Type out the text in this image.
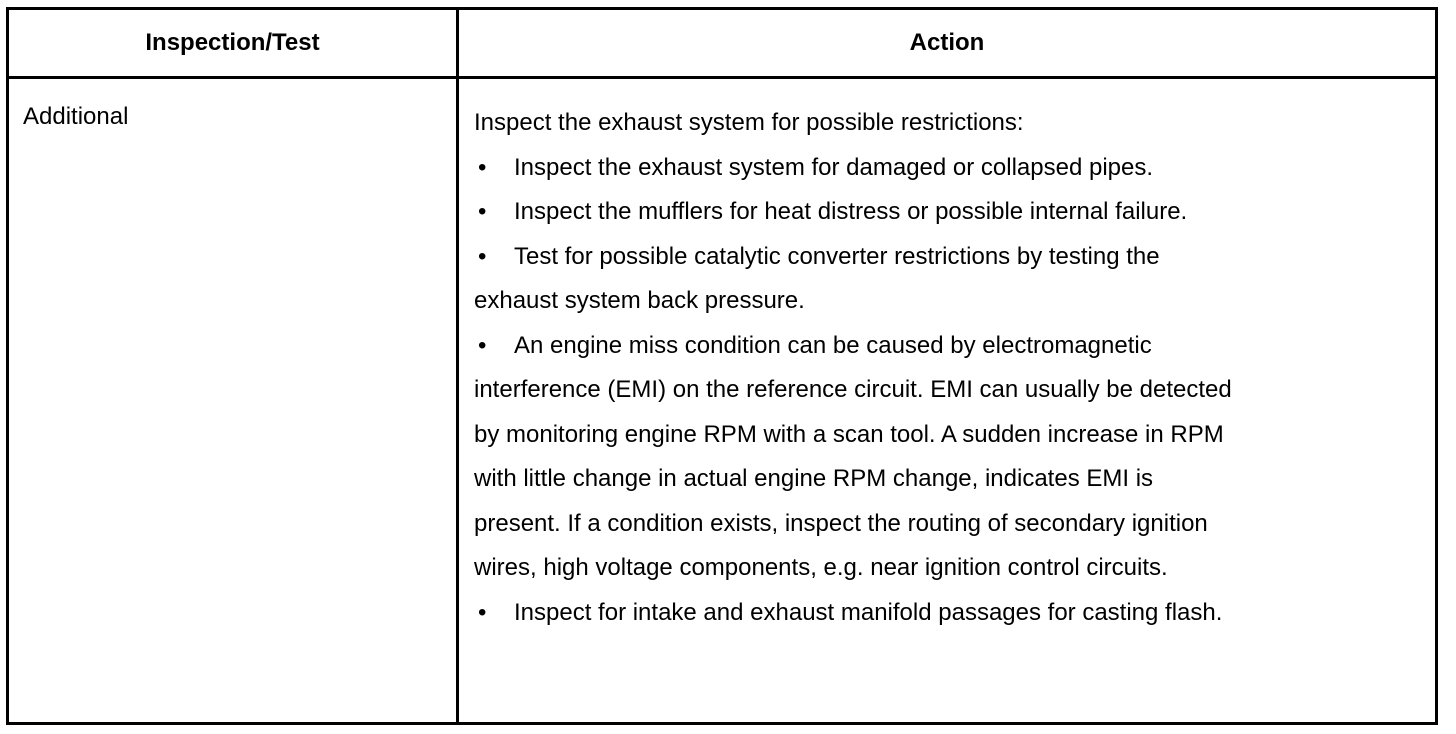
Inspection/Test	Action
Additional	Inspect the exhaust system for possible restrictions:
• Inspect the exhaust system for damaged or collapsed pipes.
• Inspect the mufflers for heat distress or possible internal failure.
• Test for possible catalytic converter restrictions by testing the
exhaust system back pressure.
• An engine miss condition can be caused by electromagnetic
interference (EMI) on the reference circuit. EMI can usually be detected
by monitoring engine RPM with a scan tool. A sudden increase in RPM
with little change in actual engine RPM change, indicates EMI is
present. If a condition exists, inspect the routing of secondary ignition
wires, high voltage components, e.g. near ignition control circuits.
• Inspect for intake and exhaust manifold passages for casting flash.
